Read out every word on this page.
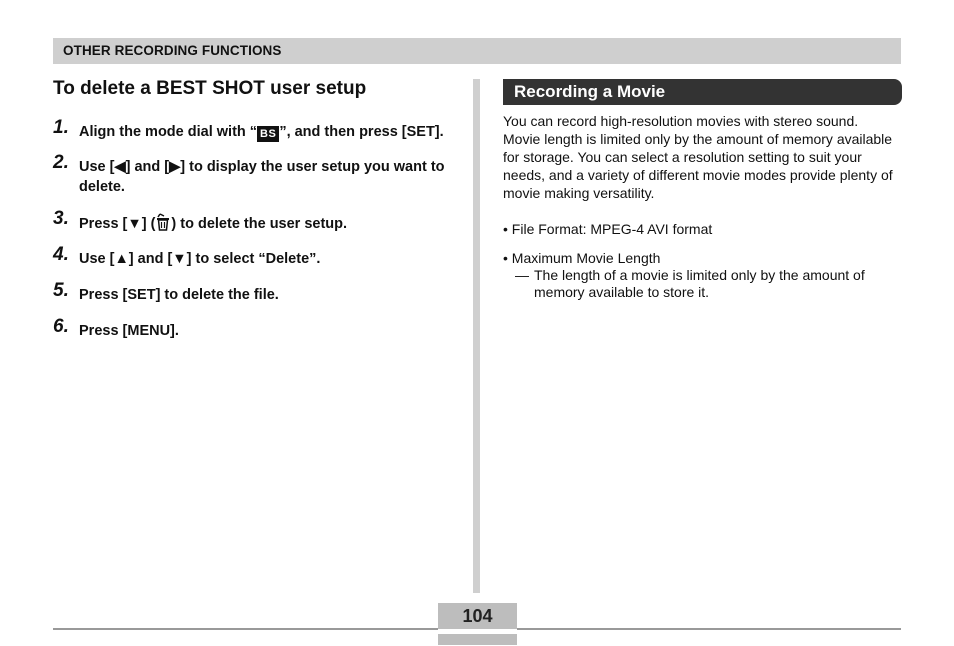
OTHER RECORDING FUNCTIONS
To delete a BEST SHOT user setup
1. Align the mode dial with “ BS ”, and then press [SET].
2. Use [◀] and [▶] to display the user setup you want to delete.
3. Press [▼] ( ) to delete the user setup.
4. Use [▲] and [▼] to select “Delete”.
5. Press [SET] to delete the file.
6. Press [MENU].
Recording a Movie
You can record high-resolution movies with stereo sound. Movie length is limited only by the amount of memory available for storage. You can select a resolution setting to suit your needs, and a variety of different movie modes provide plenty of movie making versatility.
• File Format: MPEG-4 AVI format
• Maximum Movie Length
— The length of a movie is limited only by the amount of memory available to store it.
104
